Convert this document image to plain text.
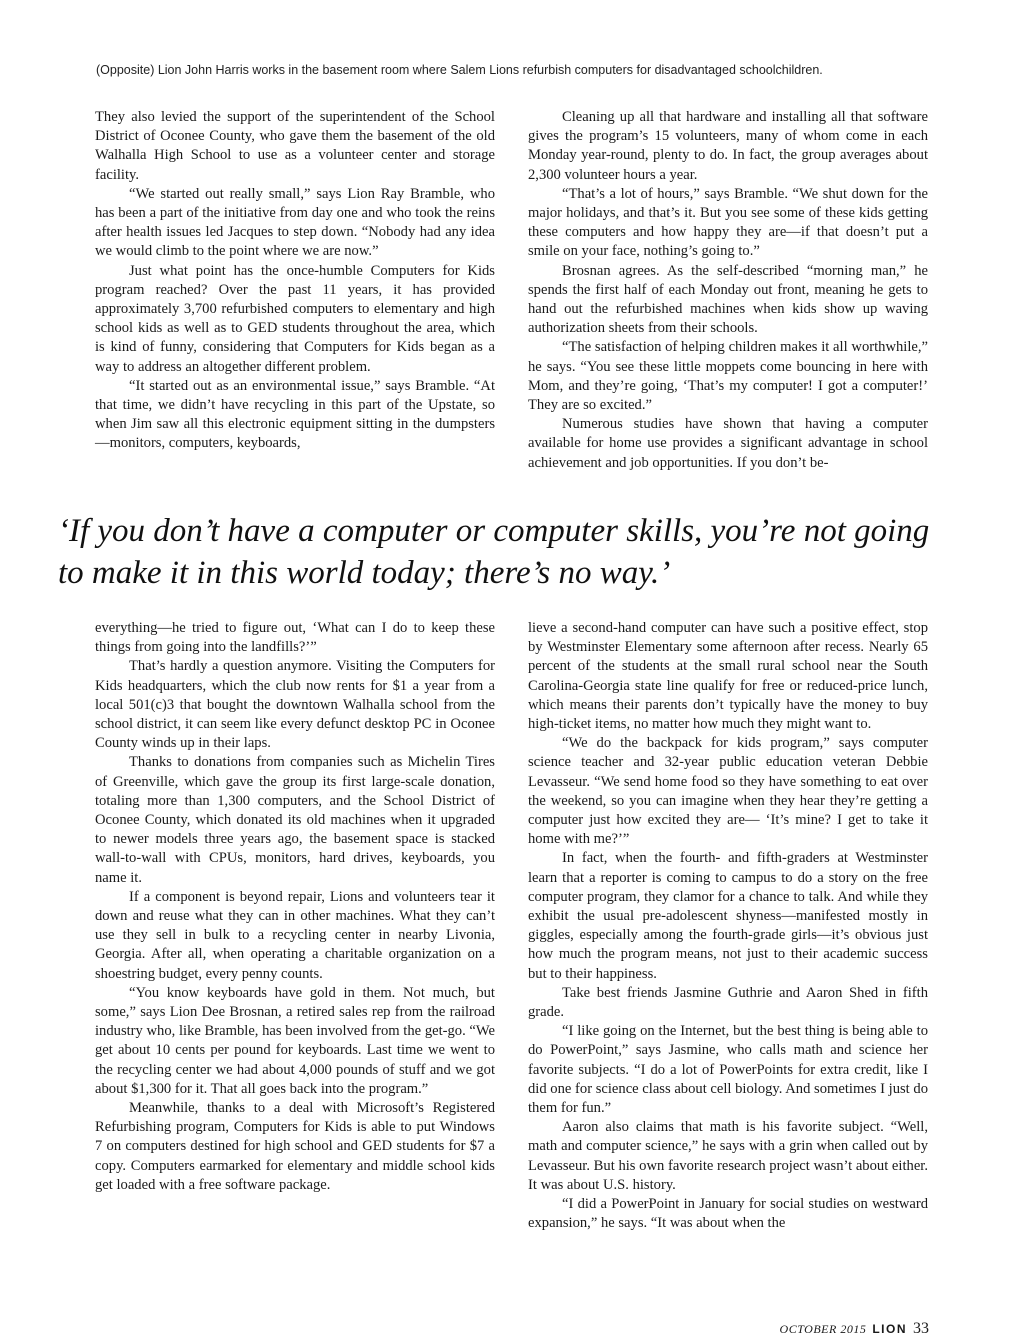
(Opposite) Lion John Harris works in the basement room where Salem Lions refurbish computers for disadvantaged schoolchildren.

They also levied the support of the superintendent of the School District of Oconee County, who gave them the basement of the old Walhalla High School to use as a volunteer center and storage facility.

“We started out really small,” says Lion Ray Bramble, who has been a part of the initiative from day one and who took the reins after health issues led Jacques to step down. “Nobody had any idea we would climb to the point where we are now.”

Just what point has the once-humble Computers for Kids program reached? Over the past 11 years, it has provided approximately 3,700 refurbished computers to elementary and high school kids as well as to GED students throughout the area, which is kind of funny, considering that Computers for Kids began as a way to address an altogether different problem.

“It started out as an environmental issue,” says Bramble. “At that time, we didn’t have recycling in this part of the Upstate, so when Jim saw all this electronic equipment sitting in the dumpsters—monitors, computers, keyboards,

Cleaning up all that hardware and installing all that software gives the program’s 15 volunteers, many of whom come in each Monday year-round, plenty to do. In fact, the group averages about 2,300 volunteer hours a year.

“That’s a lot of hours,” says Bramble. “We shut down for the major holidays, and that’s it. But you see some of these kids getting these computers and how happy they are—if that doesn’t put a smile on your face, nothing’s going to.”

Brosnan agrees. As the self-described “morning man,” he spends the first half of each Monday out front, meaning he gets to hand out the refurbished machines when kids show up waving authorization sheets from their schools.

“The satisfaction of helping children makes it all worthwhile,” he says. “You see these little moppets come bouncing in here with Mom, and they’re going, ‘That’s my computer! I got a computer!’ They are so excited.”

Numerous studies have shown that having a computer available for home use provides a significant advantage in school achievement and job opportunities. If you don’t be-

‘If you don’t have a computer or computer skills, you’re not going to make it in this world today; there’s no way.’

everything—he tried to figure out, ‘What can I do to keep these things from going into the landfills?’”

That’s hardly a question anymore. Visiting the Computers for Kids headquarters, which the club now rents for $1 a year from a local 501(c)3 that bought the downtown Walhalla school from the school district, it can seem like every defunct desktop PC in Oconee County winds up in their laps.

Thanks to donations from companies such as Michelin Tires of Greenville, which gave the group its first large-scale donation, totaling more than 1,300 computers, and the School District of Oconee County, which donated its old machines when it upgraded to newer models three years ago, the basement space is stacked wall-to-wall with CPUs, monitors, hard drives, keyboards, you name it.

If a component is beyond repair, Lions and volunteers tear it down and reuse what they can in other machines. What they can’t use they sell in bulk to a recycling center in nearby Livonia, Georgia. After all, when operating a charitable organization on a shoestring budget, every penny counts.

“You know keyboards have gold in them. Not much, but some,” says Lion Dee Brosnan, a retired sales rep from the railroad industry who, like Bramble, has been involved from the get-go. “We get about 10 cents per pound for keyboards. Last time we went to the recycling center we had about 4,000 pounds of stuff and we got about $1,300 for it. That all goes back into the program.”

Meanwhile, thanks to a deal with Microsoft’s Registered Refurbishing program, Computers for Kids is able to put Windows 7 on computers destined for high school and GED students for $7 a copy. Computers earmarked for elementary and middle school kids get loaded with a free software package.

lieve a second-hand computer can have such a positive effect, stop by Westminster Elementary some afternoon after recess. Nearly 65 percent of the students at the small rural school near the South Carolina-Georgia state line qualify for free or reduced-price lunch, which means their parents don’t typically have the money to buy high-ticket items, no matter how much they might want to.

“We do the backpack for kids program,” says computer science teacher and 32-year public education veteran Debbie Levasseur. “We send home food so they have something to eat over the weekend, so you can imagine when they hear they’re getting a computer just how excited they are— ‘It’s mine? I get to take it home with me?’”

In fact, when the fourth- and fifth-graders at Westminster learn that a reporter is coming to campus to do a story on the free computer program, they clamor for a chance to talk. And while they exhibit the usual pre-adolescent shyness—manifested mostly in giggles, especially among the fourth-grade girls—it’s obvious just how much the program means, not just to their academic success but to their happiness.

Take best friends Jasmine Guthrie and Aaron Shed in fifth grade.

“I like going on the Internet, but the best thing is being able to do PowerPoint,” says Jasmine, who calls math and science her favorite subjects. “I do a lot of PowerPoints for extra credit, like I did one for science class about cell biology. And sometimes I just do them for fun.”

Aaron also claims that math is his favorite subject. “Well, math and computer science,” he says with a grin when called out by Levasseur. But his own favorite research project wasn’t about either. It was about U.S. history.

“I did a PowerPoint in January for social studies on westward expansion,” he says. “It was about when the

OCTOBER 2015 LION 33
